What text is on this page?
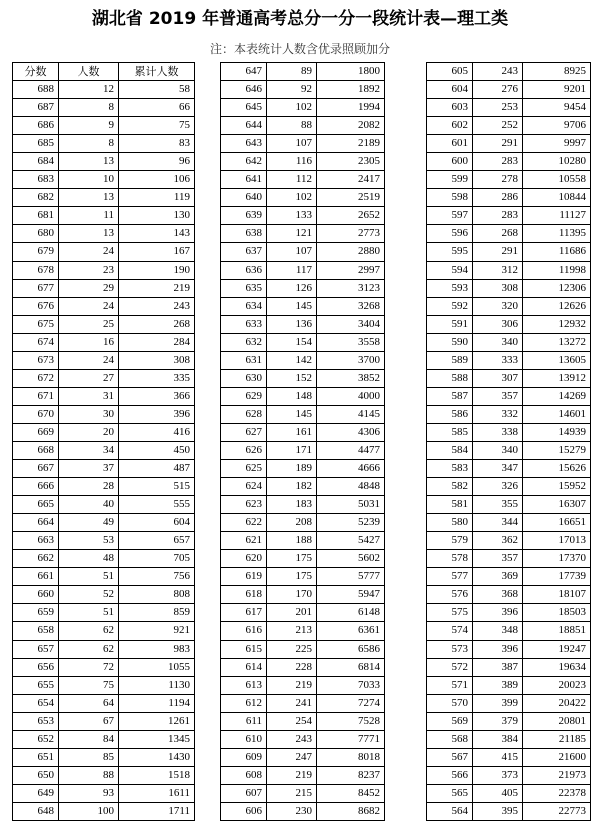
湖北省 2019 年普通高考总分一分一段统计表—理工类
注：本表统计人数含优录照顾加分
分数	人数	累计人数
688	12	58
687	8	66
686	9	75
685	8	83
684	13	96
683	10	106
682	13	119
681	11	130
680	13	143
679	24	167
678	23	190
677	29	219
676	24	243
675	25	268
674	16	284
673	24	308
672	27	335
671	31	366
670	30	396
669	20	416
668	34	450
667	37	487
666	28	515
665	40	555
664	49	604
663	53	657
662	48	705
661	51	756
660	52	808
659	51	859
658	62	921
657	62	983
656	72	1055
655	75	1130
654	64	1194
653	67	1261
652	84	1345
651	85	1430
650	88	1518
649	93	1611
648	100	1711
647	89	1800
646	92	1892
645	102	1994
644	88	2082
643	107	2189
642	116	2305
641	112	2417
640	102	2519
639	133	2652
638	121	2773
637	107	2880
636	117	2997
635	126	3123
634	145	3268
633	136	3404
632	154	3558
631	142	3700
630	152	3852
629	148	4000
628	145	4145
627	161	4306
626	171	4477
625	189	4666
624	182	4848
623	183	5031
622	208	5239
621	188	5427
620	175	5602
619	175	5777
618	170	5947
617	201	6148
616	213	6361
615	225	6586
614	228	6814
613	219	7033
612	241	7274
611	254	7528
610	243	7771
609	247	8018
608	219	8237
607	215	8452
606	230	8682
605	243	8925
604	276	9201
603	253	9454
602	252	9706
601	291	9997
600	283	10280
599	278	10558
598	286	10844
597	283	11127
596	268	11395
595	291	11686
594	312	11998
593	308	12306
592	320	12626
591	306	12932
590	340	13272
589	333	13605
588	307	13912
587	357	14269
586	332	14601
585	338	14939
584	340	15279
583	347	15626
582	326	15952
581	355	16307
580	344	16651
579	362	17013
578	357	17370
577	369	17739
576	368	18107
575	396	18503
574	348	18851
573	396	19247
572	387	19634
571	389	20023
570	399	20422
569	379	20801
568	384	21185
567	415	21600
566	373	21973
565	405	22378
564	395	22773
